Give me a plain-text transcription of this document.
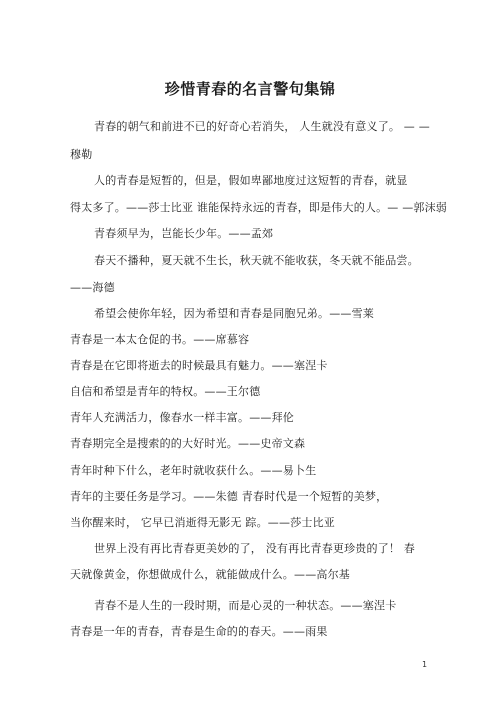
珍惜青春的名言警句集锦
青春的朝气和前进不已的好奇心若消失， 人生就没有意义了。 — —
穆勒
人的青春是短暂的，但是，假如卑鄙地度过这短暂的青春，就显
得太多了。——莎士比亚 谁能保持永远的青春，即是伟大的人。— —郭沫弱
青春须早为，岂能长少年。——孟郊
春天不播种，夏天就不生长，秋天就不能收获，冬天就不能品尝。
——海德
希望会使你年轻，因为希望和青春是同胞兄弟。——雪莱
青春是一本太仓促的书。——席慕容
青春是在它即将逝去的时候最具有魅力。——塞涅卡
自信和希望是青年的特权。——王尔德
青年人充满活力，像春水一样丰富。——拜伦
青春期完全是搜索的的大好时光。——史帝文森
青年时种下什么，老年时就收获什么。——易卜生
青年的主要任务是学习。——朱德 青春时代是一个短暂的美梦，
当你醒来时， 它早已消逝得无影无 踪。——莎士比亚
世界上没有再比青春更美妙的了， 没有再比青春更珍贵的了！ 春
天就像黄金，你想做成什么，就能做成什么。——高尔基
青春不是人生的一段时期，而是心灵的一种状态。——塞涅卡
青春是一年的青春，青春是生命的的春天。——雨果
1
